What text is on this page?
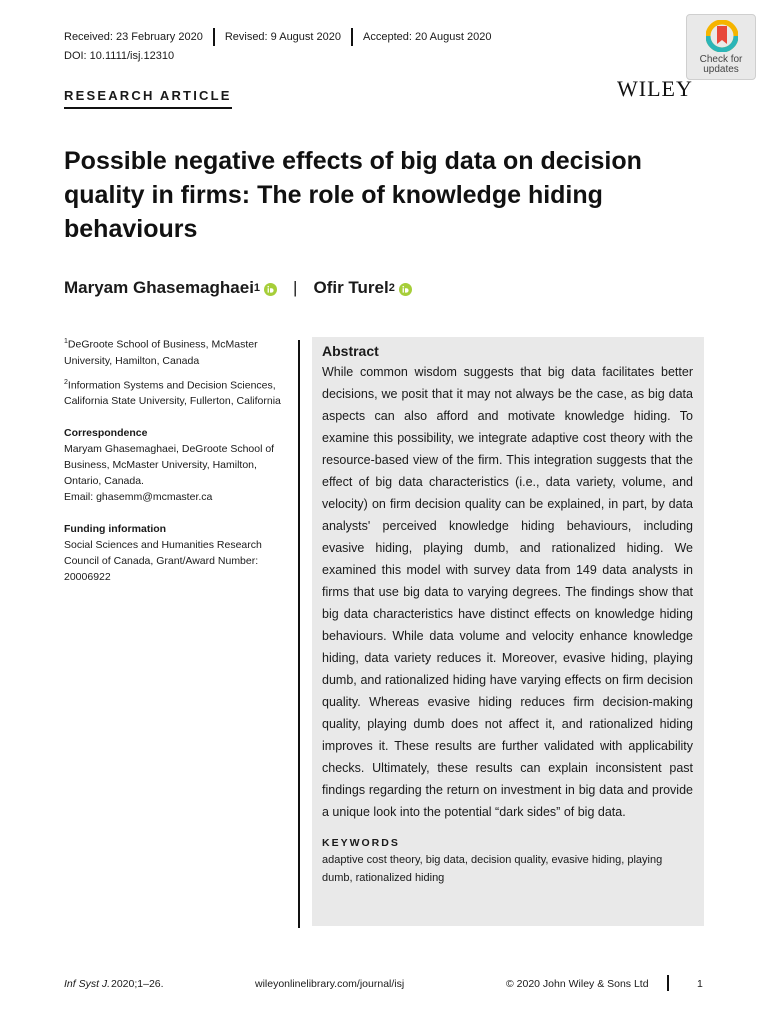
Received: 23 February 2020 Revised: 9 August 2020 Accepted: 20 August 2020
DOI: 10.1111/isj.12310	Check for
updates
WILEY
RESEARCH ARTICLE
Possible negative effects of big data on decision quality in firms: The role of knowledge hiding behaviours
Maryam Ghasemaghaei 1 | Ofir Turel 2

$^1$DeGroote School of Business, McMaster University, Hamilton, Canada

$^2$Information Systems and Decision Sciences, California State University, Fullerton, California

Correspondence

Maryam Ghasemaghaei, DeGroote School of Business, McMaster University, Hamilton, Ontario, Canada.

Email: ghasemm@mcmaster.ca

Funding information

Social Sciences and Humanities Research Council of Canada, Grant/Award Number: 20006922

Abstract

While common wisdom suggests that big data facilitates better decisions, we posit that it may not always be the case, as big data aspects can also afford and motivate knowledge hiding. To examine this possibility, we integrate adaptive cost theory with the resource-based view of the firm. This integration suggests that the effect of big data characteristics (i.e., data variety, volume, and velocity) on firm decision quality can be explained, in part, by data analysts' perceived knowledge hiding behaviours, including evasive hiding, playing dumb, and rationalized hiding. We examined this model with survey data from 149 data analysts in firms that use big data to varying degrees. The findings show that big data characteristics have distinct effects on knowledge hiding behaviours. While data volume and velocity enhance knowledge hiding, data variety reduces it. Moreover, evasive hiding, playing dumb, and rationalized hiding have varying effects on firm decision quality. Whereas evasive hiding reduces firm decision-making quality, playing dumb does not affect it, and rationalized hiding improves it. These results are further validated with applicability checks. Ultimately, these results can explain inconsistent past findings regarding the return on investment in big data and provide a unique look into the potential “dark sides” of big data.

KEYWORDS

adaptive cost theory, big data, decision quality, evasive hiding, playing dumb, rationalized hiding

Inf Syst J. 2020;1–26.	wileyonlinelibrary.com/journal/isj	© 2020 John Wiley & Sons Ltd	1
